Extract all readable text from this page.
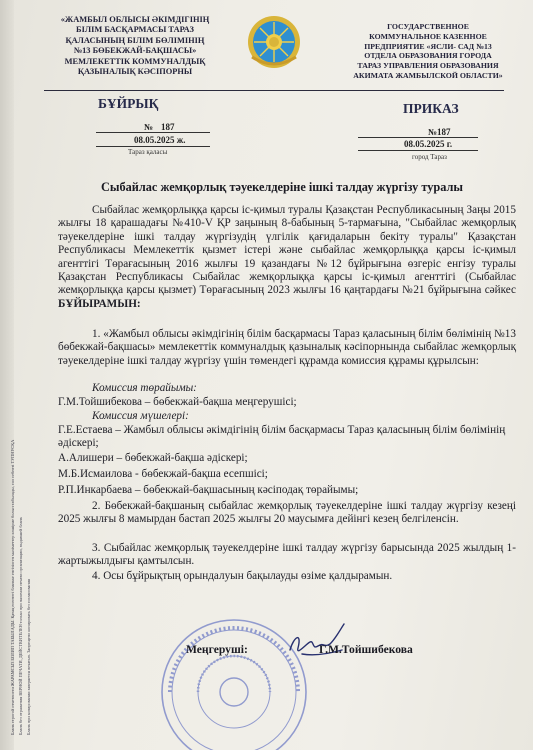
Бланк строгой отчетности ЖАРАМСЫЗ БОЛИП ТАБЫЛАДЫ. Қатаң есептегі бланкке енгізілген мәліметтер көшірме болып табылады, сол себепті ТУПНУСҚА Бланк без отражения ВЕРНОЙ ПЕЧАТИ, ДЕЙСТВИТЕЛЕН только при наличии печати организации, выдавшей бланк Бланк при копировании заверяется печатью. Запрещено копировать без согласования
«ЖАМБЫЛ ОБЛЫСЫ ӘКІМДІГІНІҢ
БІЛІМ БАСҚАРМАСЫ ТАРАЗ
ҚАЛАСЫНЫҢ БІЛІМ БӨЛІМІНІҢ
№13 БӨБЕКЖАЙ-БАҚШАСЫ»
МЕМЛЕКЕТТІК КОММУНАЛДЫҚ
ҚАЗЫНАЛЫҚ КӘСІПОРНЫ
ГОСУДАРСТВЕННОЕ
КОММУНАЛЬНОЕ КАЗЕННОЕ
ПРЕДПРИЯТИЕ «ЯСЛИ- САД №13
ОТДЕЛА ОБРАЗОВАНИЯ ГОРОДА
ТАРАЗ УПРАВЛЕНИЯ ОБРАЗОВАНИЯ
АКИМАТА ЖАМБЫЛСКОЙ ОБЛАСТИ»
БҰЙРЫҚ
№ 187
08.05.2025 ж.
Тараз қаласы
ПРИКАЗ
№187
08.05.2025 г.
город Тараз
Сыбайлас жемқорлық тәуекелдеріне ішкі талдау жүргізу туралы
Сыбайлас жемқорлыққа қарсы іс-қимыл туралы Қазақстан Республикасының Заңы 2015 жылғы 18 қарашадағы №410-V ҚР заңының 8-бабының 5-тармағына, "Сыбайлас жемқорлық тәуекелдеріне ішкі талдау жүргізудің үлгілік қағидаларын бекіту туралы" Қазақстан Республикасы Мемлекеттік қызмет істері және сыбайлас жемқорлыққа қарсы іс-қимыл агенттігі Төрағасының 2016 жылғы 19 қазандағы №12 бұйрығына өзгеріс енгізу туралы Қазақстан Республикасы Сыбайлас жемқорлыққа қарсы іс-қимыл агенттігі (Сыбайлас жемқорлыққа қарсы қызмет) Төрағасының 2023 жылғы 16 қаңтардағы №21 бұйрығына сәйкес БҰЙЫРАМЫН:
1. «Жамбыл облысы әкімдігінің білім басқармасы Тараз қаласының білім бөлімінің №13 бөбекжай-бақшасы» мемлекеттік коммуналдық қазыналық кәсіпорнында сыбайлас жемқорлық тәуекелдеріне ішкі талдау жүргізу үшін төмендегі құрамда комиссия құрамы құрылсын:
Комиссия төрайымы:
Г.М.Тойшибекова – бөбекжай-бақша меңгерушісі;
Комиссия мүшелері:
Г.Е.Естаева – Жамбыл облысы әкімдігінің білім басқармасы Тараз қаласының білім бөлімінің әдіскері;
А.Алишери – бөбекжай-бақша әдіскері;
М.Б.Исмаилова - бөбекжай-бақша есепшісі;
Р.П.Инкарбаева – бөбекжай-бақшасының кәсіподақ төрайымы;
2. Бөбекжай-бақшаның сыбайлас жемқорлық тәуекелдеріне ішкі талдау жүргізу кезеңі 2025 жылғы 8 мамырдан бастап 2025 жылғы 20 маусымға дейінгі кезең белгіленсін.
3. Сыбайлас жемқорлық тәуекелдеріне ішкі талдау жүргізу барысында 2025 жылдың 1- жартыжылдығы қамтылсын.
4. Осы бұйрықтың орындалуын бақылауды өзіме қалдырамын.
Меңгеруші:	Г.М.Тойшибекова
